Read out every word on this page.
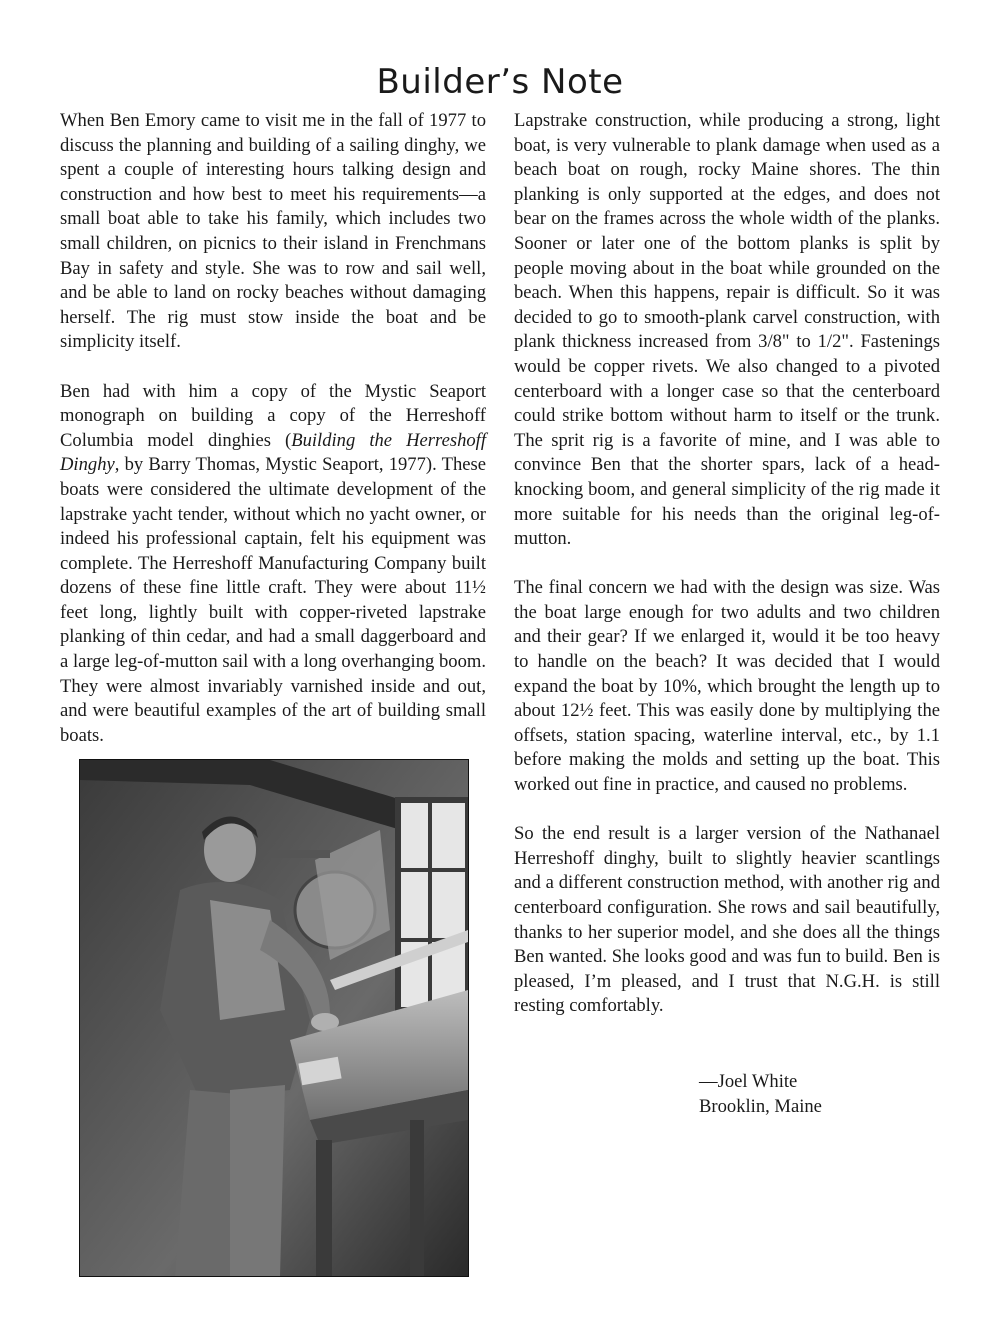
Builder’s Note

When Ben Emory came to visit me in the fall of 1977 to discuss the planning and building of a sailing dinghy, we spent a couple of interesting hours talking design and construction and how best to meet his requirements—a small boat able to take his family, which includes two small children, on picnics to their island in Frenchmans Bay in safety and style. She was to row and sail well, and be able to land on rocky beaches without damaging herself. The rig must stow inside the boat and be simplicity itself.

Ben had with him a copy of the Mystic Seaport monograph on building a copy of the Herreshoff Columbia model dinghies (Building the Herreshoff Dinghy, by Barry Thomas, Mystic Seaport, 1977). These boats were considered the ultimate development of the lapstrake yacht tender, without which no yacht owner, or indeed his professional captain, felt his equipment was complete. The Herreshoff Manufacturing Company built dozens of these fine little craft. They were about 11½ feet long, lightly built with copper-riveted lapstrake planking of thin cedar, and had a small daggerboard and a large leg-of-mutton sail with a long overhanging boom. They were almost invariably varnished inside and out, and were beautiful examples of the art of building small boats.

Lapstrake construction, while producing a strong, light boat, is very vulnerable to plank damage when used as a beach boat on rough, rocky Maine shores. The thin planking is only supported at the edges, and does not bear on the frames across the whole width of the planks. Sooner or later one of the bottom planks is split by people moving about in the boat while grounded on the beach. When this happens, repair is difficult. So it was decided to go to smooth-plank carvel construction, with plank thickness increased from 3/8" to 1/2". Fastenings would be copper rivets. We also changed to a pivoted centerboard with a longer case so that the centerboard could strike bottom without harm to itself or the trunk. The sprit rig is a favorite of mine, and I was able to convince Ben that the shorter spars, lack of a head-knocking boom, and general simplicity of the rig made it more suitable for his needs than the original leg-of-mutton.

The final concern we had with the design was size. Was the boat large enough for two adults and two children and their gear? If we enlarged it, would it be too heavy to handle on the beach? It was decided that I would expand the boat by 10%, which brought the length up to about 12½ feet. This was easily done by multiplying the offsets, station spacing, waterline interval, etc., by 1.1 before making the molds and setting up the boat. This worked out fine in practice, and caused no problems.

So the end result is a larger version of the Nathanael Herreshoff dinghy, built to slightly heavier scantlings and a different construction method, with another rig and centerboard configuration. She rows and sail beautifully, thanks to her superior model, and she does all the things Ben wanted. She looks good and was fun to build. Ben is pleased, I’m pleased, and I trust that N.G.H. is still resting comfortably.

—Joel White
Brooklin, Maine
